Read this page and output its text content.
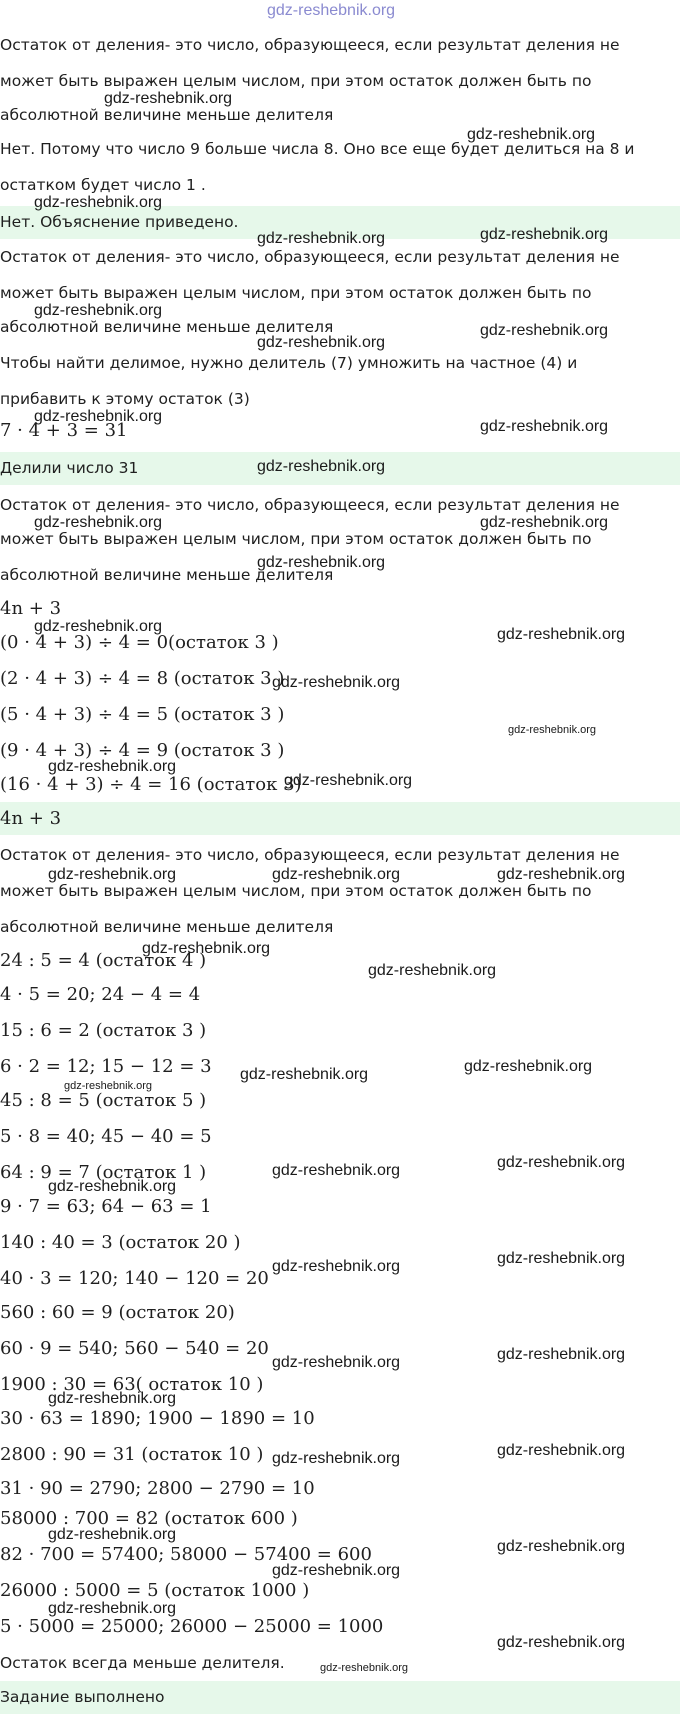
gdz-reshebnik.org
Остаток от деления- это число, образующееся, если результат деления не
может быть выражен целым числом, при этом остаток должен быть по
абсолютной величине меньше делителя
Нет. Потому что число 9 больше числа 8. Оно все еще будет делиться на 8 и
остатком будет число 1 .
Нет. Объяснение приведено.
Остаток от деления- это число, образующееся, если результат деления не
может быть выражен целым числом, при этом остаток должен быть по
абсолютной величине меньше делителя
Чтобы найти делимое, нужно делитель (7) умножить на частное (4) и
прибавить к этому остаток (3)
7 · 4 + 3 = 31
Делили число 31
Остаток от деления- это число, образующееся, если результат деления не
может быть выражен целым числом, при этом остаток должен быть по
абсолютной величине меньше делителя
4n + 3
(0 · 4 + 3) ÷ 4 = 0(остаток 3 )
(2 · 4 + 3) ÷ 4 = 8 (остаток 3 )
(5 · 4 + 3) ÷ 4 = 5 (остаток 3 )
(9 · 4 + 3) ÷ 4 = 9 (остаток 3 )
(16 · 4 + 3) ÷ 4 = 16 (остаток 3)
4n + 3
Остаток от деления- это число, образующееся, если результат деления не
может быть выражен целым числом, при этом остаток должен быть по
абсолютной величине меньше делителя
24 : 5 = 4 (остаток 4 )
4 · 5 = 20; 24 − 4 = 4
15 : 6 = 2 (остаток 3 )
6 · 2 = 12; 15 − 12 = 3
45 : 8 = 5 (остаток 5 )
5 · 8 = 40; 45 − 40 = 5
64 : 9 = 7 (остаток 1 )
9 · 7 = 63; 64 − 63 = 1
140 : 40 = 3 (остаток 20 )
40 · 3 = 120; 140 − 120 = 20
560 : 60 = 9 (остаток 20)
60 · 9 = 540; 560 − 540 = 20
1900 : 30 = 63( остаток 10 )
30 · 63 = 1890; 1900 − 1890 = 10
2800 : 90 = 31 (остаток 10 )
31 · 90 = 2790; 2800 − 2790 = 10
58000 : 700 = 82 (остаток 600 )
82 · 700 = 57400; 58000 − 57400 = 600
26000 : 5000 = 5 (остаток 1000 )
5 · 5000 = 25000; 26000 − 25000 = 1000
Остаток всегда меньше делителя.
Задание выполнено
gdz-reshebnik.org
gdz-reshebnik.org
gdz-reshebnik.org
gdz-reshebnik.org	gdz-reshebnik.org
gdz-reshebnik.org
gdz-reshebnik.org
gdz-reshebnik.org
gdz-reshebnik.org
gdz-reshebnik.org
gdz-reshebnik.org
gdz-reshebnik.org	gdz-reshebnik.org
gdz-reshebnik.org
gdz-reshebnik.org	gdz-reshebnik.org
gdz-reshebnik.org
gdz-reshebnik.org
gdz-reshebnik.org
gdz-reshebnik.org
gdz-reshebnik.org	gdz-reshebnik.org	gdz-reshebnik.org
gdz-reshebnik.org
gdz-reshebnik.org
gdz-reshebnik.org
gdz-reshebnik.org
gdz-reshebnik.org
gdz-reshebnik.org
gdz-reshebnik.org
gdz-reshebnik.org
gdz-reshebnik.org
gdz-reshebnik.org
gdz-reshebnik.org
gdz-reshebnik.org
gdz-reshebnik.org
gdz-reshebnik.org
gdz-reshebnik.org
gdz-reshebnik.org
gdz-reshebnik.org
gdz-reshebnik.org
gdz-reshebnik.org
gdz-reshebnik.org
gdz-reshebnik.org
